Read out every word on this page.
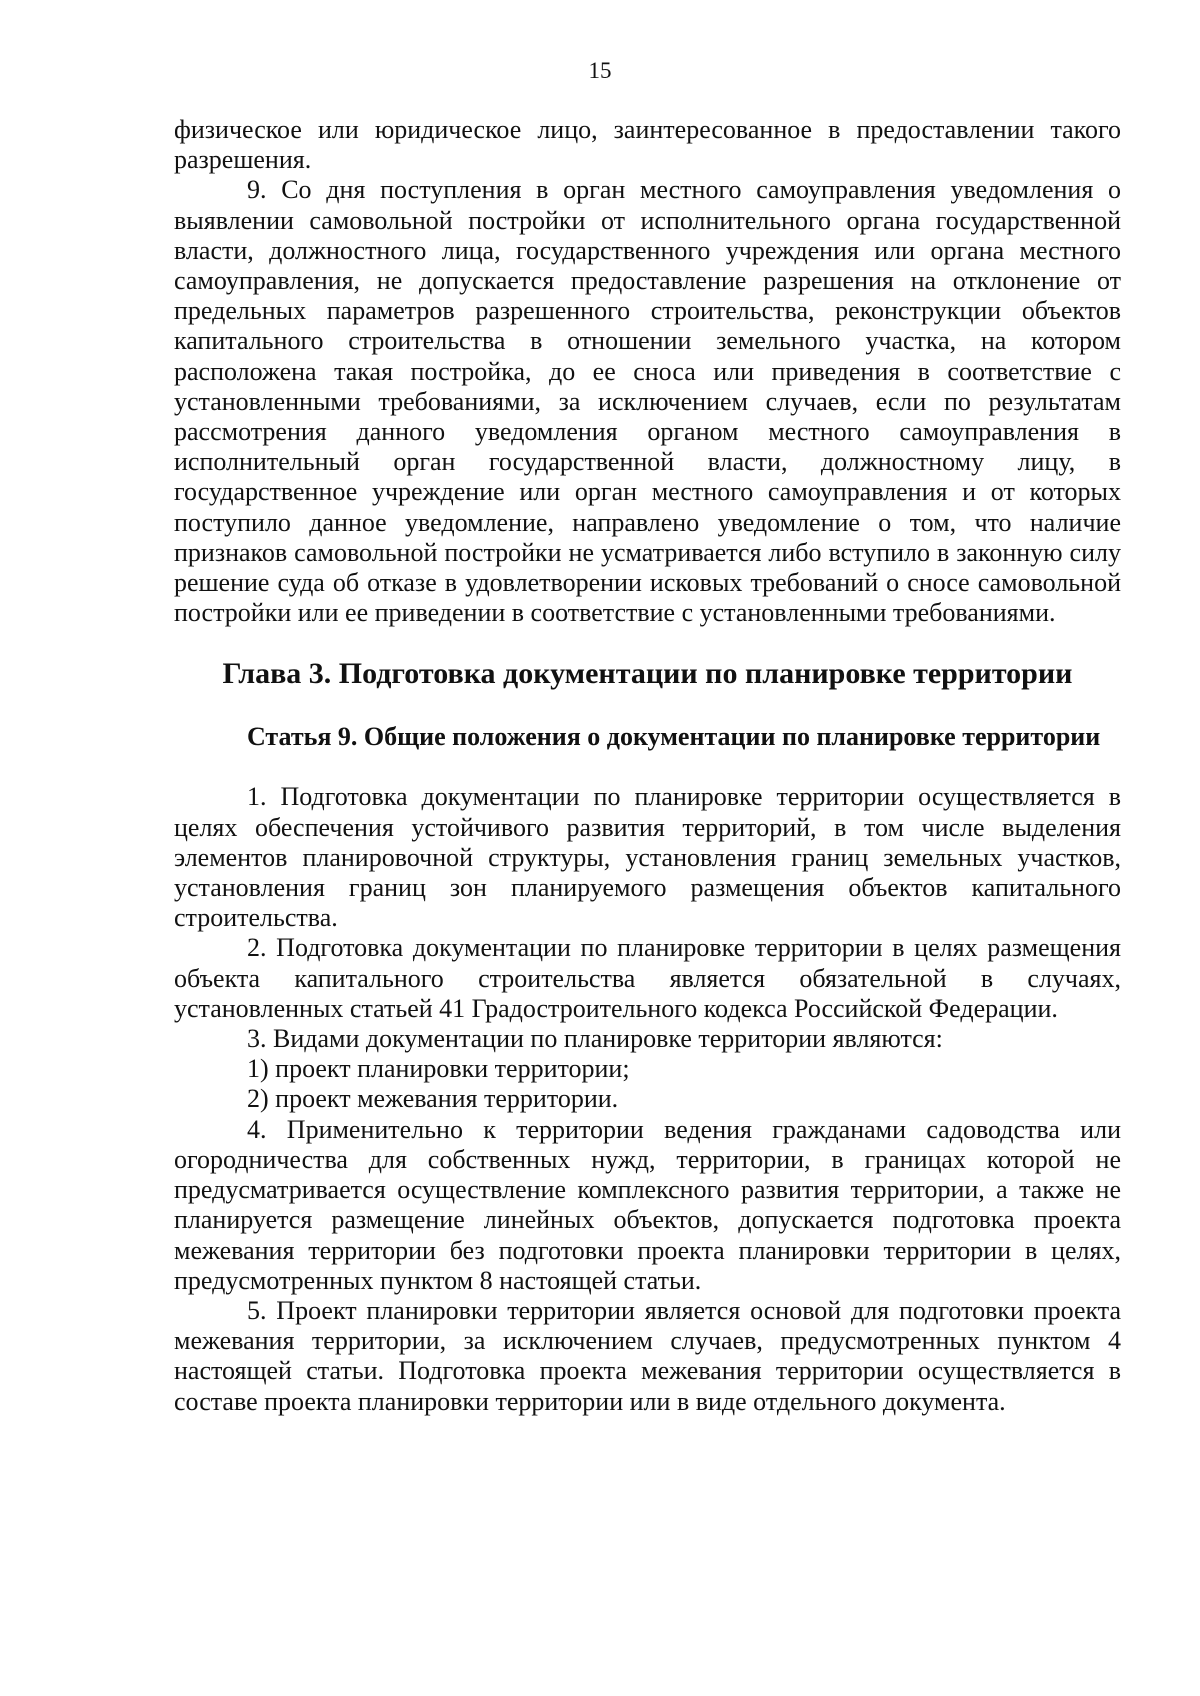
15

физическое или юридическое лицо, заинтересованное в предоставлении такого разрешения.

9. Со дня поступления в орган местного самоуправления уведомления о выявлении самовольной постройки от исполнительного органа государственной власти, должностного лица, государственного учреждения или органа местного самоуправления, не допускается предоставление разрешения на отклонение от предельных параметров разрешенного строительства, реконструкции объектов капитального строительства в отношении земельного участка, на котором расположена такая постройка, до ее сноса или приведения в соответствие с установленными требованиями, за исключением случаев, если по результатам рассмотрения данного уведомления органом местного самоуправления в исполнительный орган государственной власти, должностному лицу, в государственное учреждение или орган местного самоуправления и от которых поступило данное уведомление, направлено уведомление о том, что наличие признаков самовольной постройки не усматривается либо вступило в законную силу решение суда об отказе в удовлетворении исковых требований о сносе самовольной постройки или ее приведении в соответствие с установленными требованиями.

Глава 3. Подготовка документации по планировке территории
Статья 9. Общие положения о документации по планировке территории

1. Подготовка документации по планировке территории осуществляется в целях обеспечения устойчивого развития территорий, в том числе выделения элементов планировочной структуры, установления границ земельных участков, установления границ зон планируемого размещения объектов капитального строительства.

2. Подготовка документации по планировке территории в целях размещения объекта капитального строительства является обязательной в случаях, установленных статьей 41 Градостроительного кодекса Российской Федерации.

3. Видами документации по планировке территории являются:

1) проект планировки территории;

2) проект межевания территории.

4. Применительно к территории ведения гражданами садоводства или огородничества для собственных нужд, территории, в границах которой не предусматривается осуществление комплексного развития территории, а также не планируется размещение линейных объектов, допускается подготовка проекта межевания территории без подготовки проекта планировки территории в целях, предусмотренных пунктом 8 настоящей статьи.

5. Проект планировки территории является основой для подготовки проекта межевания территории, за исключением случаев, предусмотренных пунктом 4 настоящей статьи. Подготовка проекта межевания территории осуществляется в составе проекта планировки территории или в виде отдельного документа.
